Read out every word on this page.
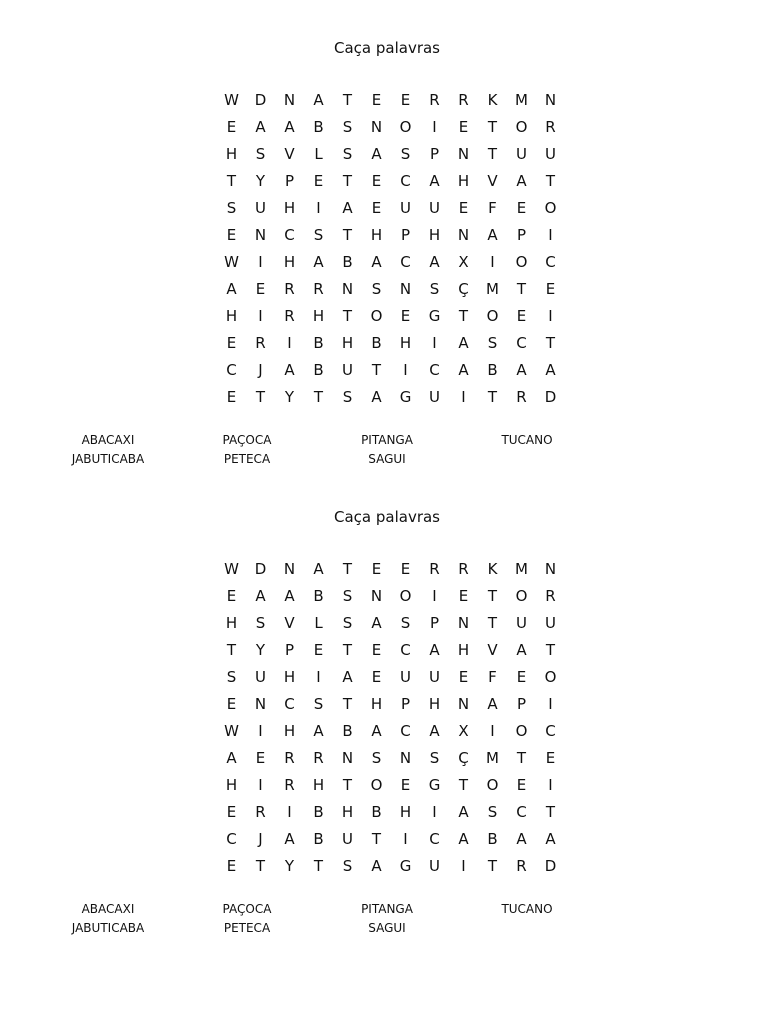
Caça palavras
W	D	N	A	T	E	E	R	R	K	M	N
E	A	A	B	S	N	O	I	E	T	O	R
H	S	V	L	S	A	S	P	N	T	U	U
T	Y	P	E	T	E	C	A	H	V	A	T
S	U	H	I	A	E	U	U	E	F	E	O
E	N	C	S	T	H	P	H	N	A	P	I
W	I	H	A	B	A	C	A	X	I	O	C
A	E	R	R	N	S	N	S	Ç	M	T	E
H	I	R	H	T	O	E	G	T	O	E	I
E	R	I	B	H	B	H	I	A	S	C	T
C	J	A	B	U	T	I	C	A	B	A	A
E	T	Y	T	S	A	G	U	I	T	R	D
ABACAXI	PAÇOCA	PITANGA	TUCANO
JABUTICABA	PETECA	SAGUI
Caça palavras
W	D	N	A	T	E	E	R	R	K	M	N
E	A	A	B	S	N	O	I	E	T	O	R
H	S	V	L	S	A	S	P	N	T	U	U
T	Y	P	E	T	E	C	A	H	V	A	T
S	U	H	I	A	E	U	U	E	F	E	O
E	N	C	S	T	H	P	H	N	A	P	I
W	I	H	A	B	A	C	A	X	I	O	C
A	E	R	R	N	S	N	S	Ç	M	T	E
H	I	R	H	T	O	E	G	T	O	E	I
E	R	I	B	H	B	H	I	A	S	C	T
C	J	A	B	U	T	I	C	A	B	A	A
E	T	Y	T	S	A	G	U	I	T	R	D
ABACAXI	PAÇOCA	PITANGA	TUCANO
JABUTICABA	PETECA	SAGUI
